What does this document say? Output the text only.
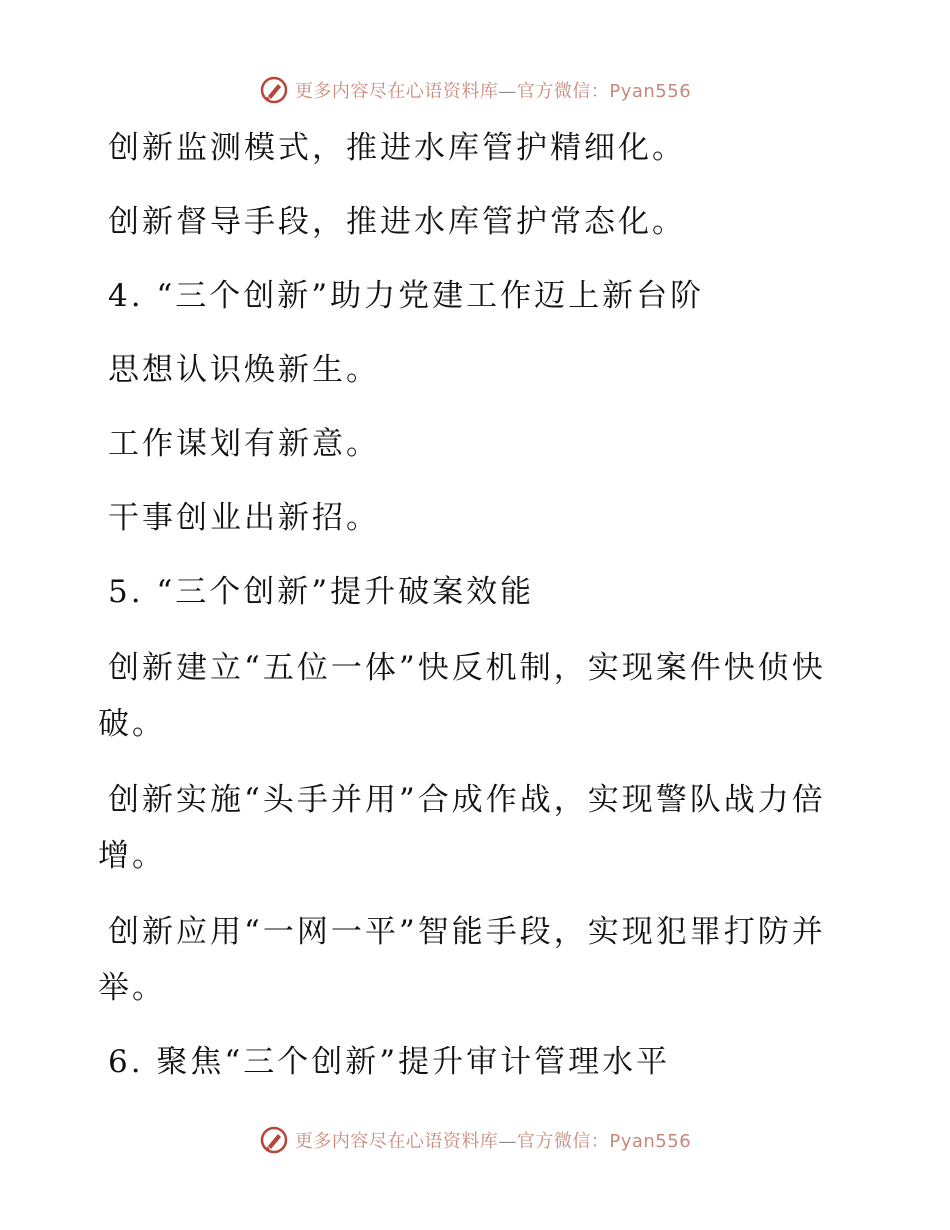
更多内容尽在心语资料库—官方微信：Pyan556

创新监测模式，推进水库管护精细化。

创新督导手段，推进水库管护常态化。

4. “三个创新”助力党建工作迈上新台阶

思想认识焕新生。

工作谋划有新意。

干事创业出新招。

5. “三个创新”提升破案效能

创新建立“五位一体”快反机制，实现案件快侦快破。

创新实施“头手并用”合成作战，实现警队战力倍增。

创新应用“一网一平”智能手段，实现犯罪打防并举。

6. 聚焦“三个创新”提升审计管理水平

更多内容尽在心语资料库—官方微信：Pyan556
